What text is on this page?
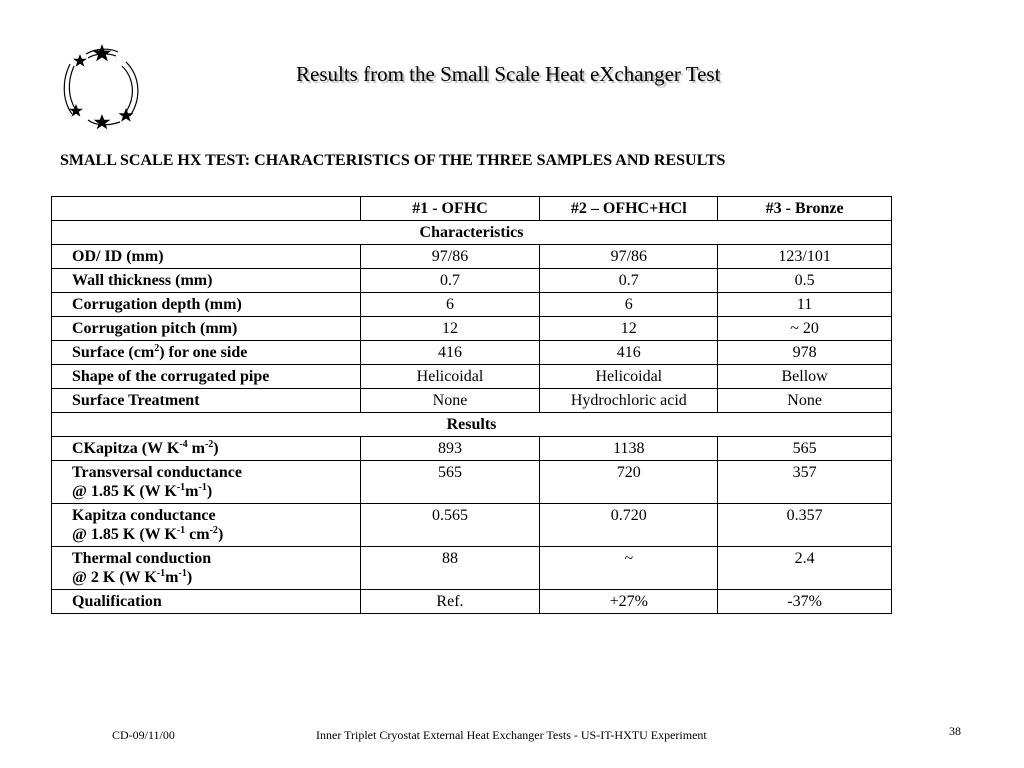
Results from the Small Scale Heat eXchanger Test
SMALL SCALE HX TEST: CHARACTERISTICS OF THE THREE SAMPLES AND RESULTS
	#1 - OFHC	#2 – OFHC+HCl	#3 - Bronze
Characteristics			
OD/ ID (mm)	97/86	97/86	123/101
Wall thickness (mm)	0.7	0.7	0.5
Corrugation depth (mm)	6	6	11
Corrugation pitch (mm)	12	12	~ 20
Surface $(cm^2)$ for one side	416	416	978
Shape of the corrugated pipe	Helicoidal	Helicoidal	Bellow
Surface Treatment	None	Hydrochloric acid	None
Results			
CKapitza (W $K^{-4}$ $m^{-2}$)	893	1138	565

Transversal conductance
@ 1.85 K (W $K^{-1}m^{-1}$)	565	720	357

Kapitza conductance
@ 1.85 K (W $K^{-1}$ $cm^{-2}$)	0.565	0.720	0.357

Thermal conduction
@ 2 K (W $K^{-1}m^{-1}$)	88	~	2.4
Qualification	Ref.	+27%	-37%
CD-09/11/00	Inner Triplet Cryostat External Heat Exchanger Tests - US-IT-HXTU Experiment	38
